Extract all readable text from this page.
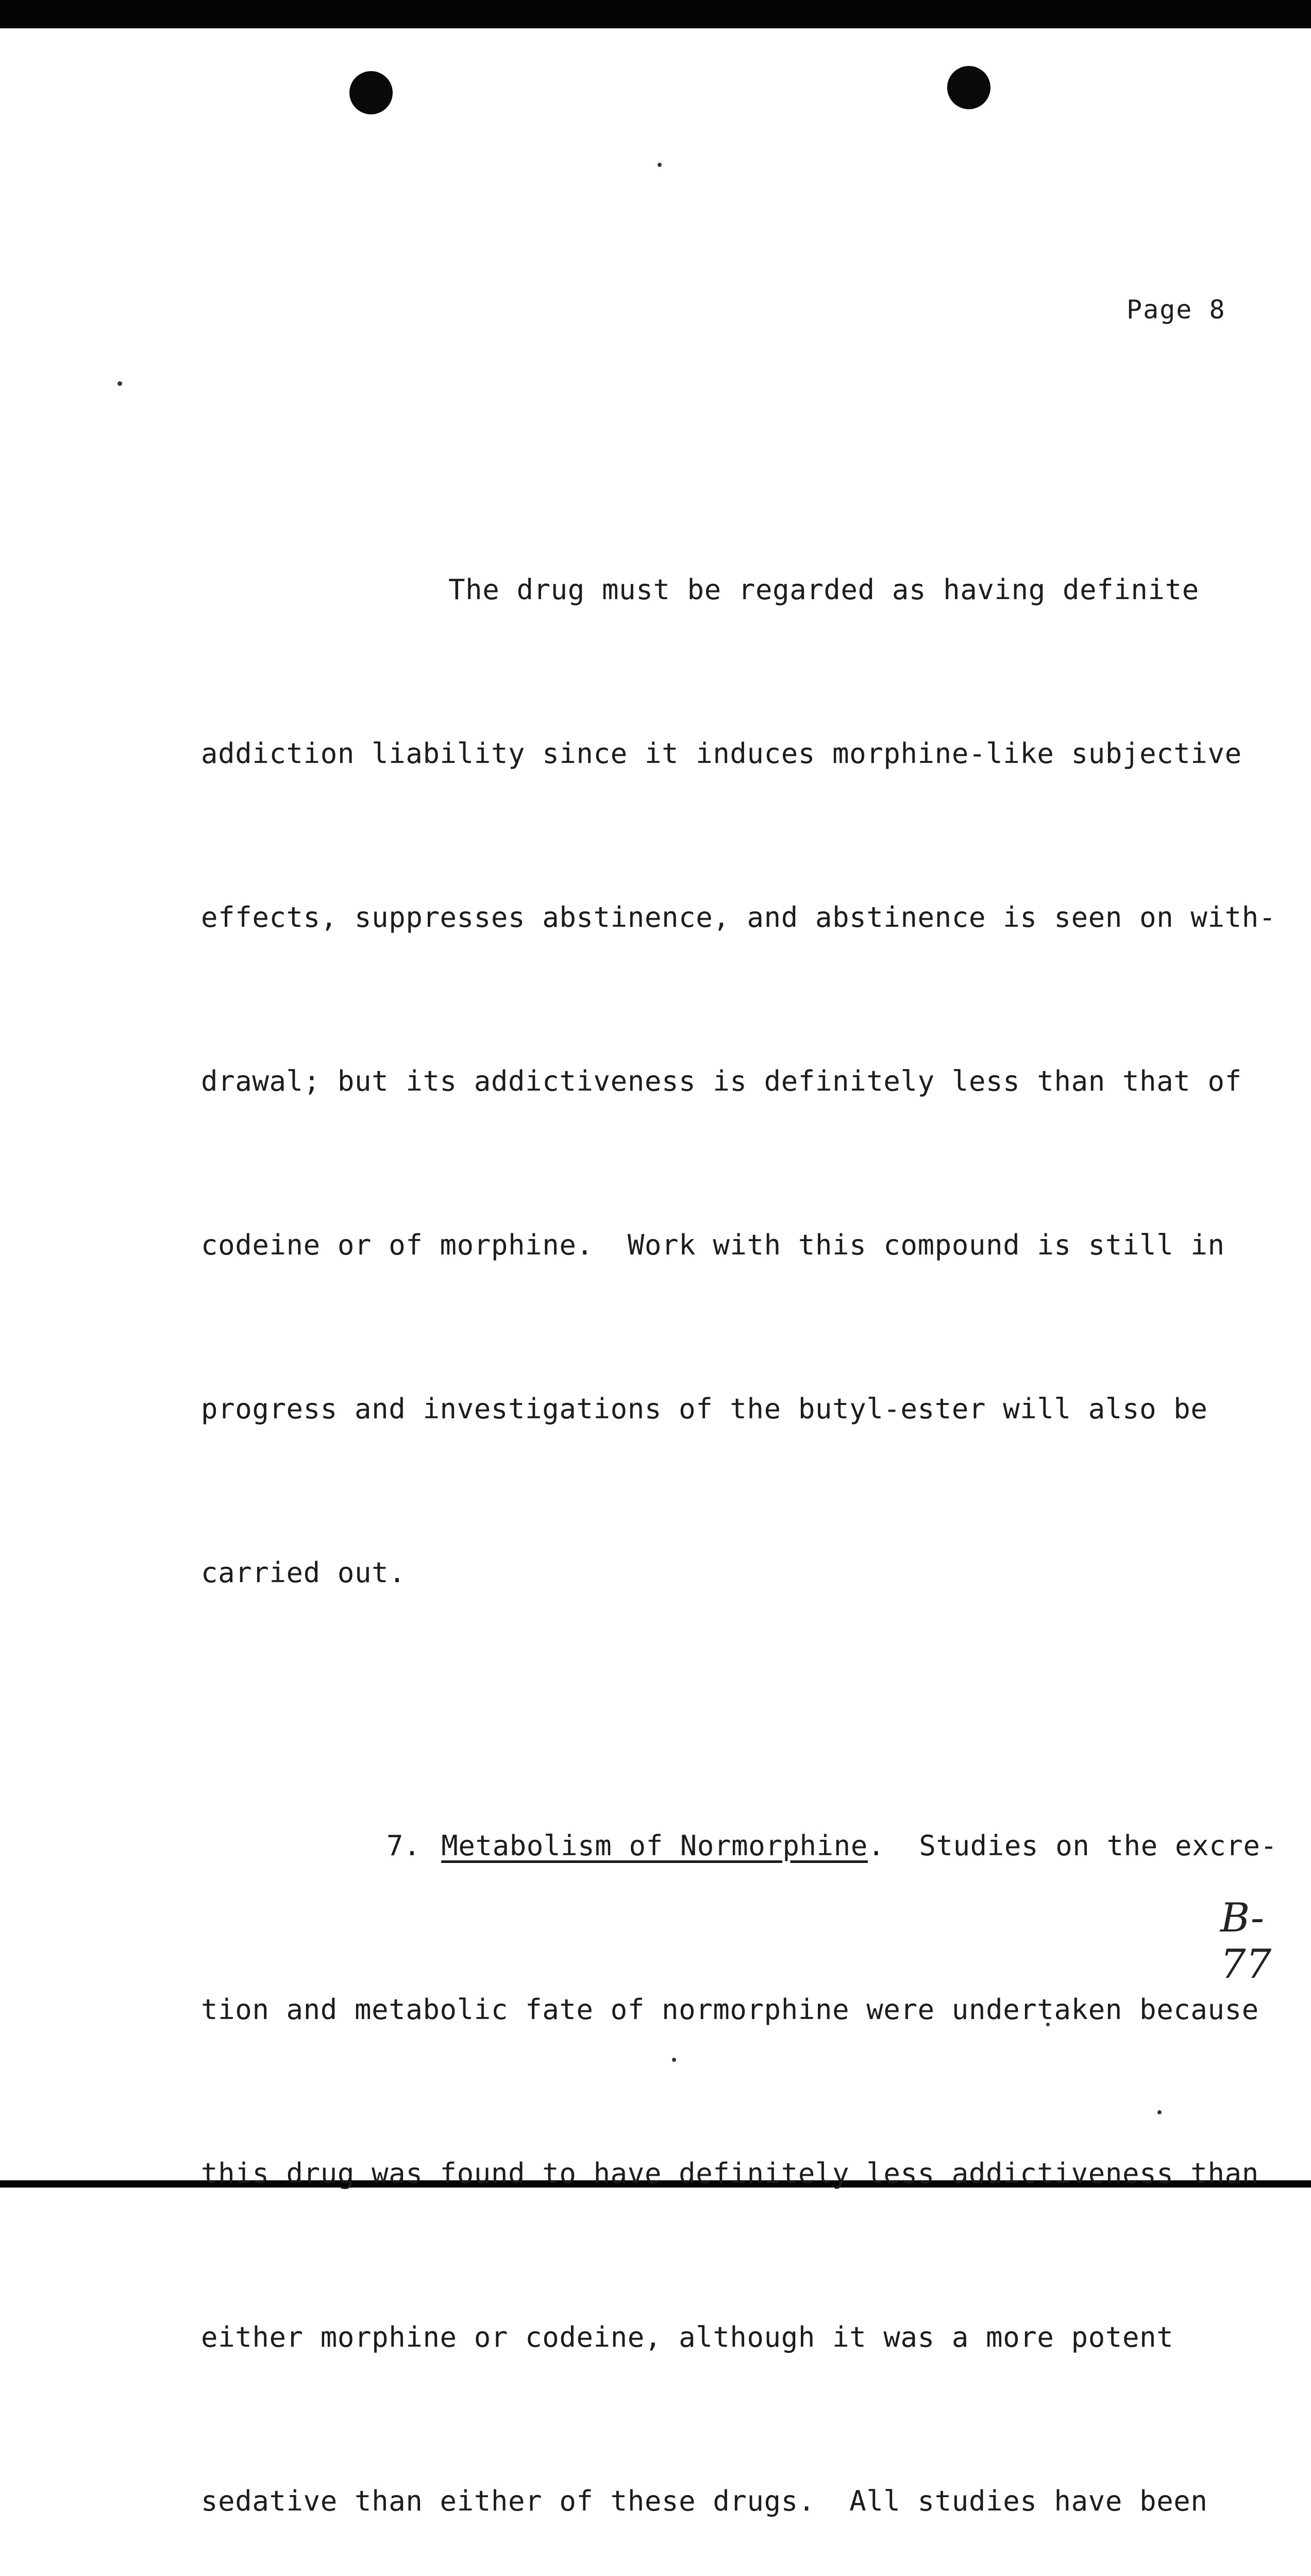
Page 8

The drug must be regarded as having definite

addiction liability since it induces morphine-like subjective

effects, suppresses abstinence, and abstinence is seen on with-

drawal; but its addictiveness is definitely less than that of

codeine or of morphine.  Work with this compound is still in

progress and investigations of the butyl-ester will also be

carried out.

7. Metabolism of Normorphine.  Studies on the excre-

tion and metabolic fate of normorphine were undertaken because

this drug was found to have definitely less addictiveness than

either morphine or codeine, although it was a more potent

sedative than either of these drugs.  All studies have been

B-77
